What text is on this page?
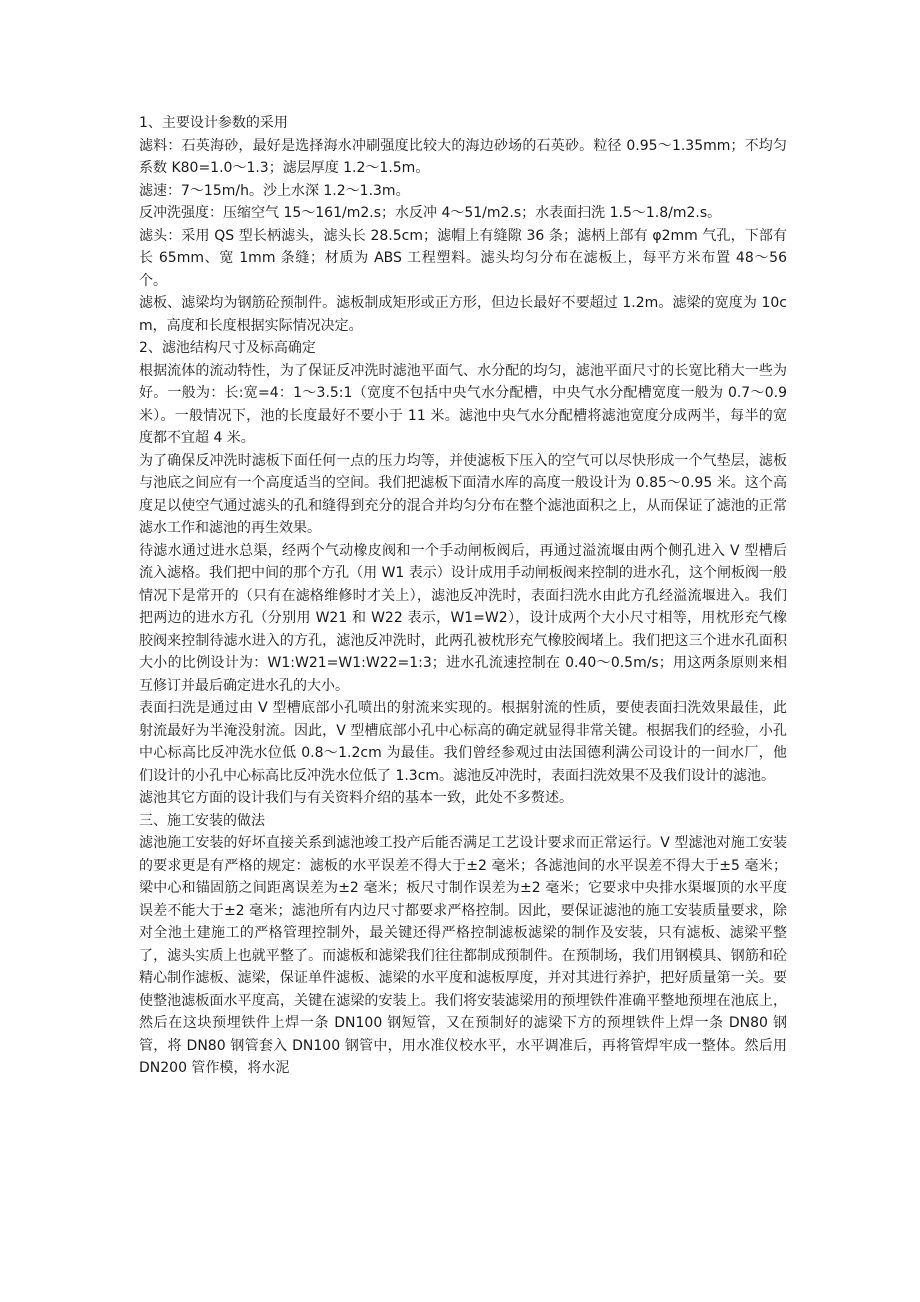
1、主要设计参数的采用

滤料：石英海砂，最好是选择海水冲刷强度比较大的海边砂场的石英砂。粒径 0.95～1.35mm；不均匀系数 K80=1.0～1.3；滤层厚度 1.2～1.5m。

滤速：7～15m/h。沙上水深 1.2～1.3m。

反冲洗强度：压缩空气 15～161/m2.s；水反冲 4～51/m2.s；水表面扫洗 1.5～1.8/m2.s。

滤头：采用 QS 型长柄滤头，滤头长 28.5cm；滤帽上有缝隙 36 条；滤柄上部有 φ2mm 气孔，下部有长 65mm、宽 1mm 条缝；材质为 ABS 工程塑料。滤头均匀分布在滤板上，每平方米布置 48～56 个。

滤板、滤梁均为钢筋砼预制件。滤板制成矩形或正方形，但边长最好不要超过 1.2m。滤梁的宽度为 10cm，高度和长度根据实际情况决定。

2、滤池结构尺寸及标高确定

根据流体的流动特性，为了保证反冲洗时滤池平面气、水分配的均匀，滤池平面尺寸的长宽比稍大一些为好。一般为：长:宽=4：1～3.5:1（宽度不包括中央气水分配槽，中央气水分配槽宽度一般为 0.7～0.9 米）。一般情况下，池的长度最好不要小于 11 米。滤池中央气水分配槽将滤池宽度分成两半，每半的宽度都不宜超 4 米。

为了确保反冲洗时滤板下面任何一点的压力均等，并使滤板下压入的空气可以尽快形成一个气垫层，滤板与池底之间应有一个高度适当的空间。我们把滤板下面清水库的高度一般设计为 0.85～0.95 米。这个高度足以使空气通过滤头的孔和缝得到充分的混合并均匀分布在整个滤池面积之上，从而保证了滤池的正常滤水工作和滤池的再生效果。

待滤水通过进水总渠，经两个气动橡皮阀和一个手动闸板阀后，再通过溢流堰由两个侧孔进入 V 型槽后流入滤格。我们把中间的那个方孔（用 W1 表示）设计成用手动闸板阀来控制的进水孔，这个闸板阀一般情况下是常开的（只有在滤格维修时才关上），滤池反冲洗时，表面扫洗水由此方孔经溢流堰进入。我们把两边的进水方孔（分别用 W21 和 W22 表示，W1=W2），设计成两个大小尺寸相等，用枕形充气橡胶阀来控制待滤水进入的方孔，滤池反冲洗时，此两孔被枕形充气橡胶阀堵上。我们把这三个进水孔面积大小的比例设计为：W1:W21=W1:W22=1:3；进水孔流速控制在 0.40～0.5m/s；用这两条原则来相互修订并最后确定进水孔的大小。

表面扫洗是通过由 V 型槽底部小孔喷出的射流来实现的。根据射流的性质，要使表面扫洗效果最佳，此射流最好为半淹没射流。因此，V 型槽底部小孔中心标高的确定就显得非常关键。根据我们的经验，小孔中心标高比反冲洗水位低 0.8～1.2cm 为最佳。我们曾经参观过由法国德利满公司设计的一间水厂，他们设计的小孔中心标高比反冲洗水位低了 1.3cm。滤池反冲洗时，表面扫洗效果不及我们设计的滤池。

滤池其它方面的设计我们与有关资料介绍的基本一致，此处不多赘述。

三、施工安装的做法

滤池施工安装的好坏直接关系到滤池竣工投产后能否满足工艺设计要求而正常运行。V 型滤池对施工安装的要求更是有严格的规定：滤板的水平误差不得大于±2 毫米；各滤池间的水平误差不得大于±5 毫米；梁中心和锚固筋之间距离误差为±2 毫米；板尺寸制作误差为±2 毫米；它要求中央排水渠堰顶的水平度误差不能大于±2 毫米；滤池所有内边尺寸都要求严格控制。因此，要保证滤池的施工安装质量要求，除对全池土建施工的严格管理控制外，最关键还得严格控制滤板滤梁的制作及安装，只有滤板、滤梁平整了，滤头实质上也就平整了。而滤板和滤梁我们往往都制成预制件。在预制场，我们用钢模具、钢筋和砼精心制作滤板、滤梁，保证单件滤板、滤梁的水平度和滤板厚度，并对其进行养护，把好质量第一关。要使整池滤板面水平度高，关键在滤梁的安装上。我们将安装滤梁用的预埋铁件准确平整地预埋在池底上，然后在这块预埋铁件上焊一条 DN100 钢短管，又在预制好的滤梁下方的预埋铁件上焊一条 DN80 钢管，将 DN80 钢管套入 DN100 钢管中，用水准仪校水平，水平调准后，再将管焊牢成一整体。然后用 DN200 管作模，将水泥
